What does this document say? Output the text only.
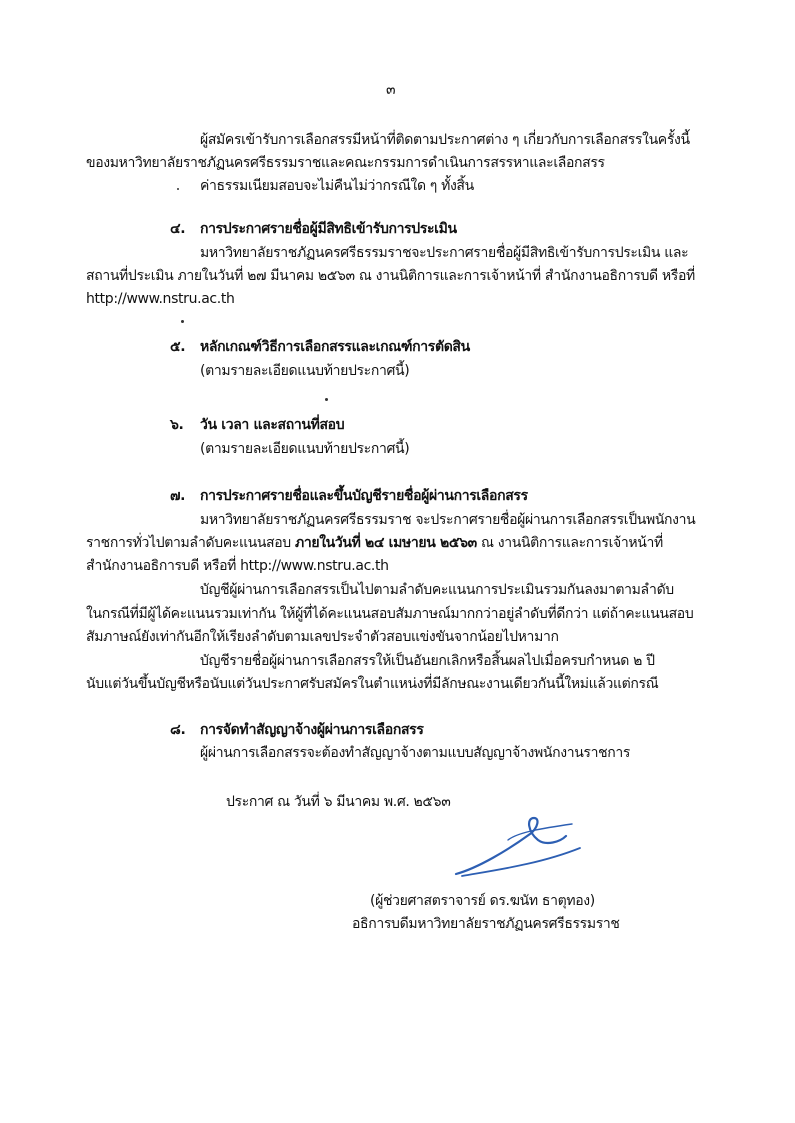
๓
ผู้สมัครเข้ารับการเลือกสรรมีหน้าที่ติดตามประกาศต่าง ๆ เกี่ยวกับการเลือกสรรในครั้งนี้
ของมหาวิทยาลัยราชภัฏนครศรีธรรมราชและคณะกรรมการดำเนินการสรรหาและเลือกสรร
ค่าธรรมเนียมสอบจะไม่คืนไม่ว่ากรณีใด ๆ ทั้งสิ้น
๔. การประกาศรายชื่อผู้มีสิทธิเข้ารับการประเมิน
มหาวิทยาลัยราชภัฏนครศรีธรรมราชจะประกาศรายชื่อผู้มีสิทธิเข้ารับการประเมิน และ
สถานที่ประเมิน ภายในวันที่ ๒๗ มีนาคม ๒๕๖๓ ณ งานนิติการและการเจ้าหน้าที่ สำนักงานอธิการบดี หรือที่
http://www.nstru.ac.th
๕. หลักเกณฑ์วิธีการเลือกสรรและเกณฑ์การตัดสิน
(ตามรายละเอียดแนบท้ายประกาศนี้)
๖. วัน เวลา และสถานที่สอบ
(ตามรายละเอียดแนบท้ายประกาศนี้)
๗. การประกาศรายชื่อและขึ้นบัญชีรายชื่อผู้ผ่านการเลือกสรร
มหาวิทยาลัยราชภัฏนครศรีธรรมราช จะประกาศรายชื่อผู้ผ่านการเลือกสรรเป็นพนักงาน
ราชการทั่วไปตามลำดับคะแนนสอบ ภายในวันที่ ๒๔ เมษายน ๒๕๖๓ ณ งานนิติการและการเจ้าหน้าที่
สำนักงานอธิการบดี หรือที่ http://www.nstru.ac.th
บัญชีผู้ผ่านการเลือกสรรเป็นไปตามลำดับคะแนนการประเมินรวมกันลงมาตามลำดับ
ในกรณีที่มีผู้ได้คะแนนรวมเท่ากัน ให้ผู้ที่ได้คะแนนสอบสัมภาษณ์มากกว่าอยู่ลำดับที่ดีกว่า แต่ถ้าคะแนนสอบ
สัมภาษณ์ยังเท่ากันอีกให้เรียงลำดับตามเลขประจำตัวสอบแข่งขันจากน้อยไปหามาก
บัญชีรายชื่อผู้ผ่านการเลือกสรรให้เป็นอันยกเลิกหรือสิ้นผลไปเมื่อครบกำหนด ๒ ปี
นับแต่วันขึ้นบัญชีหรือนับแต่วันประกาศรับสมัครในตำแหน่งที่มีลักษณะงานเดียวกันนี้ใหม่แล้วแต่กรณี
๘. การจัดทำสัญญาจ้างผู้ผ่านการเลือกสรร
ผู้ผ่านการเลือกสรรจะต้องทำสัญญาจ้างตามแบบสัญญาจ้างพนักงานราชการ
ประกาศ ณ วันที่ ๖ มีนาคม พ.ศ. ๒๕๖๓
(ผู้ช่วยศาสตราจารย์ ดร.ฆนัท ธาตุทอง)
อธิการบดีมหาวิทยาลัยราชภัฏนครศรีธรรมราช
